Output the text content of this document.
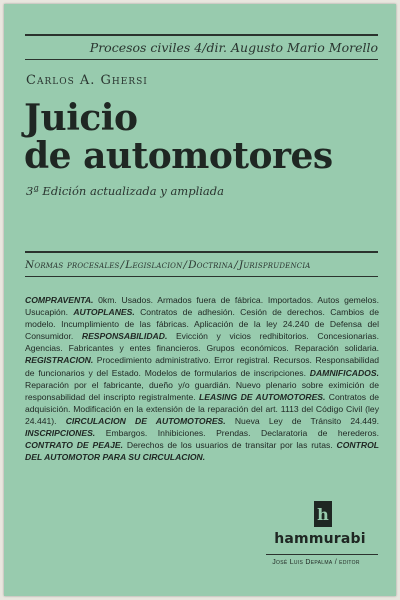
Procesos civiles 4/dir. Augusto Mario Morello
Carlos A. Ghersi
Juicio
de automotores
3ª Edición actualizada y ampliada
Normas procesales/Legislacion/Doctrina/Jurisprudencia
COMPRAVENTA. 0km. Usados. Armados fuera de fábrica. Importados. Autos gemelos. Usucapión. AUTOPLANES. Contratos de adhesión. Cesión de derechos. Cambios de modelo. Incumplimiento de las fábricas. Aplicación de la ley 24.240 de Defensa del Consumidor. RESPONSABILIDAD. Evicción y vicios redhibitorios. Concesionarias. Agencias. Fabricantes y entes financieros. Grupos económicos. Reparación solidaria. REGISTRACION. Procedimiento administrativo. Error registral. Recursos. Responsabilidad de funcionarios y del Estado. Modelos de formularios de inscripciones. DAMNIFICADOS. Reparación por el fabricante, dueño y/o guardián. Nuevo plenario sobre eximición de responsabilidad del inscripto registralmente. LEASING DE AUTOMOTORES. Contratos de adquisición. Modificación en la extensión de la reparación del art. 1113 del Código Civil (ley 24.441). CIRCULACION DE AUTOMOTORES. Nueva Ley de Tránsito 24.449. INSCRIPCIONES. Embargos. Inhibiciones. Prendas. Declaratoria de herederos. CONTRATO DE PEAJE. Derechos de los usuarios de transitar por las rutas. CONTROL DEL AUTOMOTOR PARA SU CIRCULACION.
h
hammurabi
José Luis Depalma / editor
